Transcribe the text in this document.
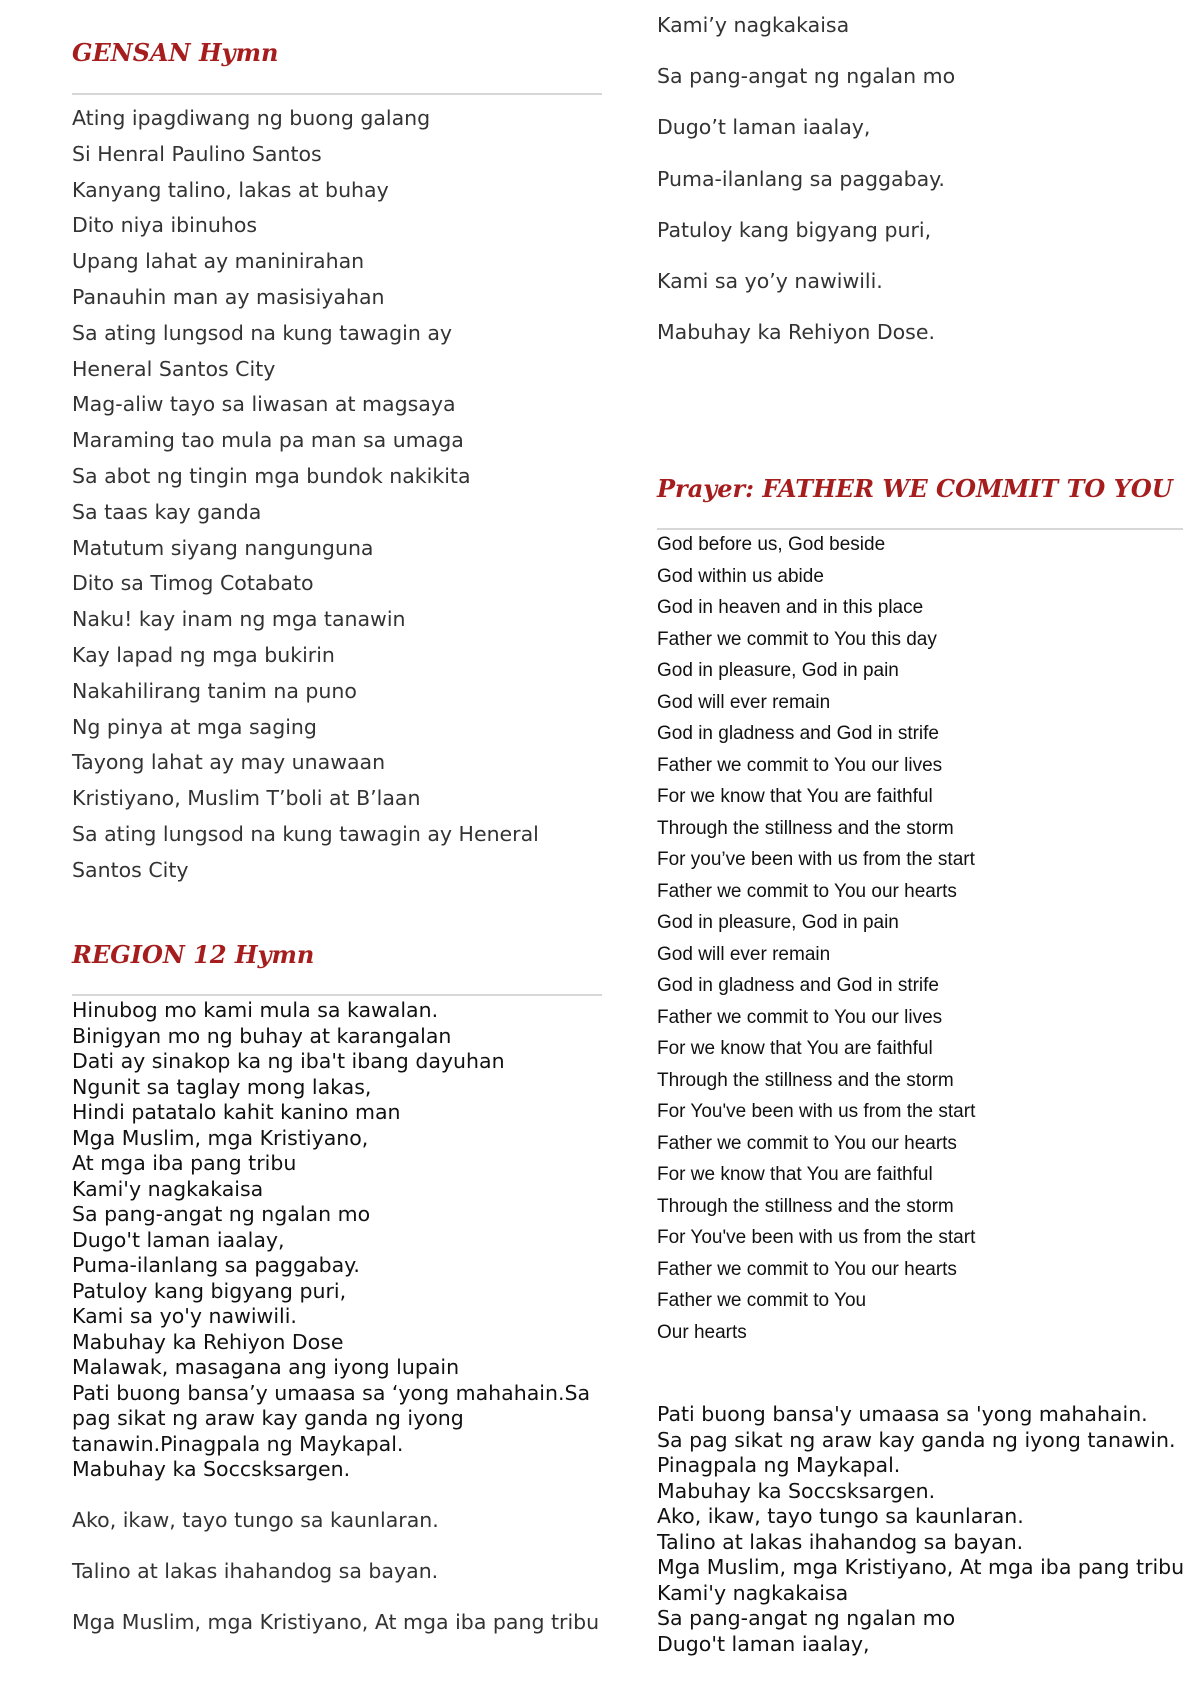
GENSAN Hymn
Ating ipagdiwang ng buong galang
Si Henral Paulino Santos
Kanyang talino, lakas at buhay
Dito niya ibinuhos
Upang lahat ay maninirahan
Panauhin man ay masisiyahan
Sa ating lungsod na kung tawagin ay
Heneral Santos City
Mag-aliw tayo sa liwasan at magsaya
Maraming tao mula pa man sa umaga
Sa abot ng tingin mga bundok nakikita
Sa taas kay ganda
Matutum siyang nangunguna
Dito sa Timog Cotabato
Naku! kay inam ng mga tanawin
Kay lapad ng mga bukirin
Nakahilirang tanim na puno
Ng pinya at mga saging
Tayong lahat ay may unawaan
Kristiyano, Muslim T’boli at B’laan
Sa ating lungsod na kung tawagin ay Heneral
Santos City
REGION 12 Hymn
Hinubog mo kami mula sa kawalan.
Binigyan mo ng buhay at karangalan
Dati ay sinakop ka ng iba't ibang dayuhan
Ngunit sa taglay mong lakas,
Hindi patatalo kahit kanino man
Mga Muslim, mga Kristiyano,
At mga iba pang tribu
Kami'y nagkakaisa
Sa pang-angat ng ngalan mo
Dugo't laman iaalay,
Puma-ilanlang sa paggabay.
Patuloy kang bigyang puri,
Kami sa yo'y nawiwili.
Mabuhay ka Rehiyon Dose
Malawak, masagana ang iyong lupain
Pati buong bansa’y umaasa sa ‘yong mahahain.Sa
pag sikat ng araw kay ganda ng iyong
tanawin.Pinagpala ng Maykapal.
Mabuhay ka Soccsksargen.
Ako, ikaw, tayo tungo sa kaunlaran.
Talino at lakas ihahandog sa bayan.
Mga Muslim, mga Kristiyano, At mga iba pang tribu
Kami’y nagkakaisa
Sa pang-angat ng ngalan mo
Dugo’t laman iaalay,
Puma-ilanlang sa paggabay.
Patuloy kang bigyang puri,
Kami sa yo’y nawiwili.
Mabuhay ka Rehiyon Dose.
Prayer: FATHER WE COMMIT TO YOU
God before us, God beside
God within us abide
God in heaven and in this place
Father we commit to You this day
God in pleasure, God in pain
God will ever remain
God in gladness and God in strife
Father we commit to You our lives
For we know that You are faithful
Through the stillness and the storm
For you’ve been with us from the start
Father we commit to You our hearts
God in pleasure, God in pain
God will ever remain
God in gladness and God in strife
Father we commit to You our lives
For we know that You are faithful
Through the stillness and the storm
For You've been with us from the start
Father we commit to You our hearts
For we know that You are faithful
Through the stillness and the storm
For You've been with us from the start
Father we commit to You our hearts
Father we commit to You
Our hearts
Pati buong bansa'y umaasa sa 'yong mahahain.
Sa pag sikat ng araw kay ganda ng iyong tanawin.
Pinagpala ng Maykapal.
Mabuhay ka Soccsksargen.
Ako, ikaw, tayo tungo sa kaunlaran.
Talino at lakas ihahandog sa bayan.
Mga Muslim, mga Kristiyano, At mga iba pang tribu
Kami'y nagkakaisa
Sa pang-angat ng ngalan mo
Dugo't laman iaalay,
